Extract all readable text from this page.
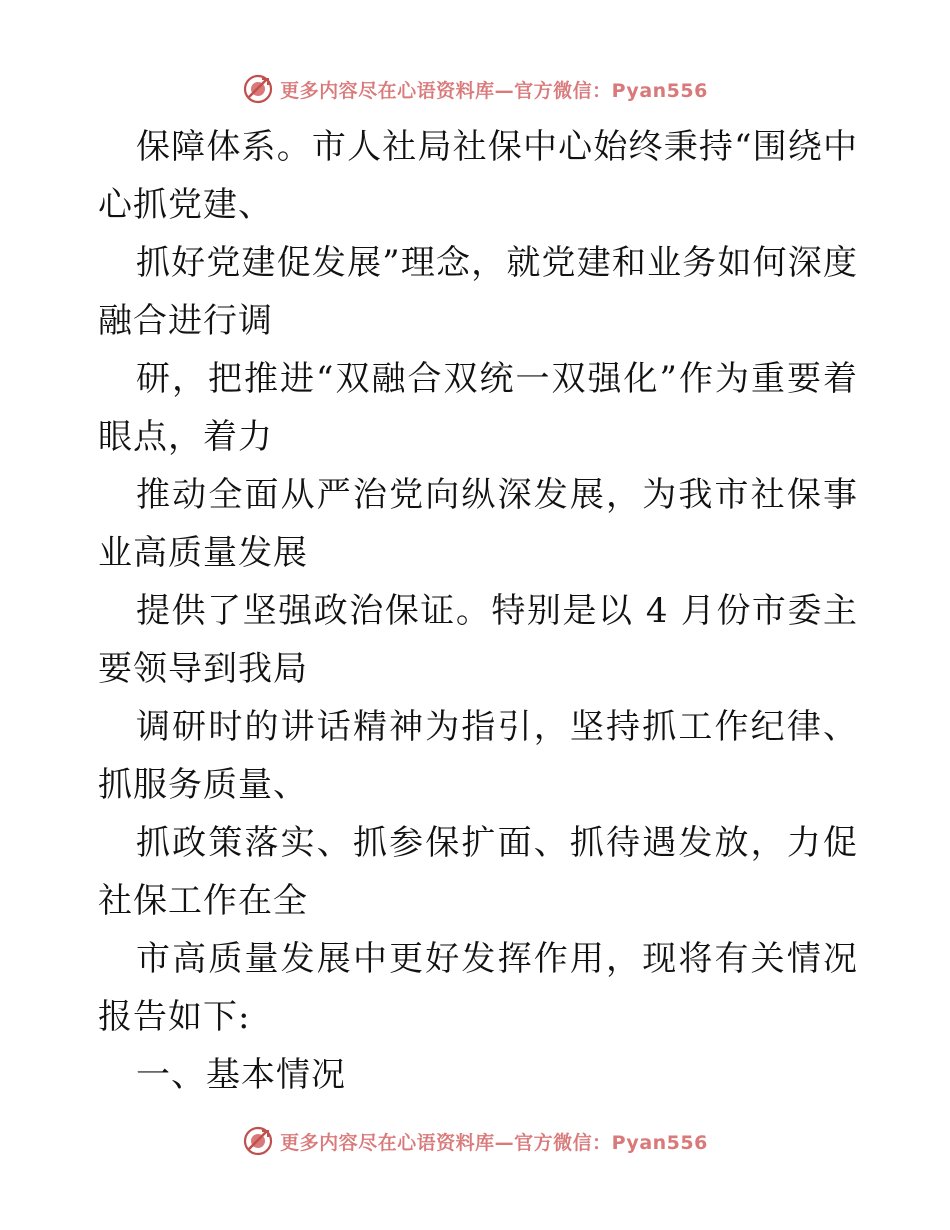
更多内容尽在心语资料库—官方微信：Pyan556

保障体系。市人社局社保中心始终秉持“围绕中心抓党建、

抓好党建促发展”理念，就党建和业务如何深度融合进行调

研，把推进“双融合双统一双强化”作为重要着眼点，着力

推动全面从严治党向纵深发展，为我市社保事业高质量发展

提供了坚强政治保证。特别是以 4 月份市委主要领导到我局

调研时的讲话精神为指引，坚持抓工作纪律、抓服务质量、

抓政策落实、抓参保扩面、抓待遇发放，力促社保工作在全

市高质量发展中更好发挥作用，现将有关情况报告如下:

一、基本情况

更多内容尽在心语资料库—官方微信：Pyan556
